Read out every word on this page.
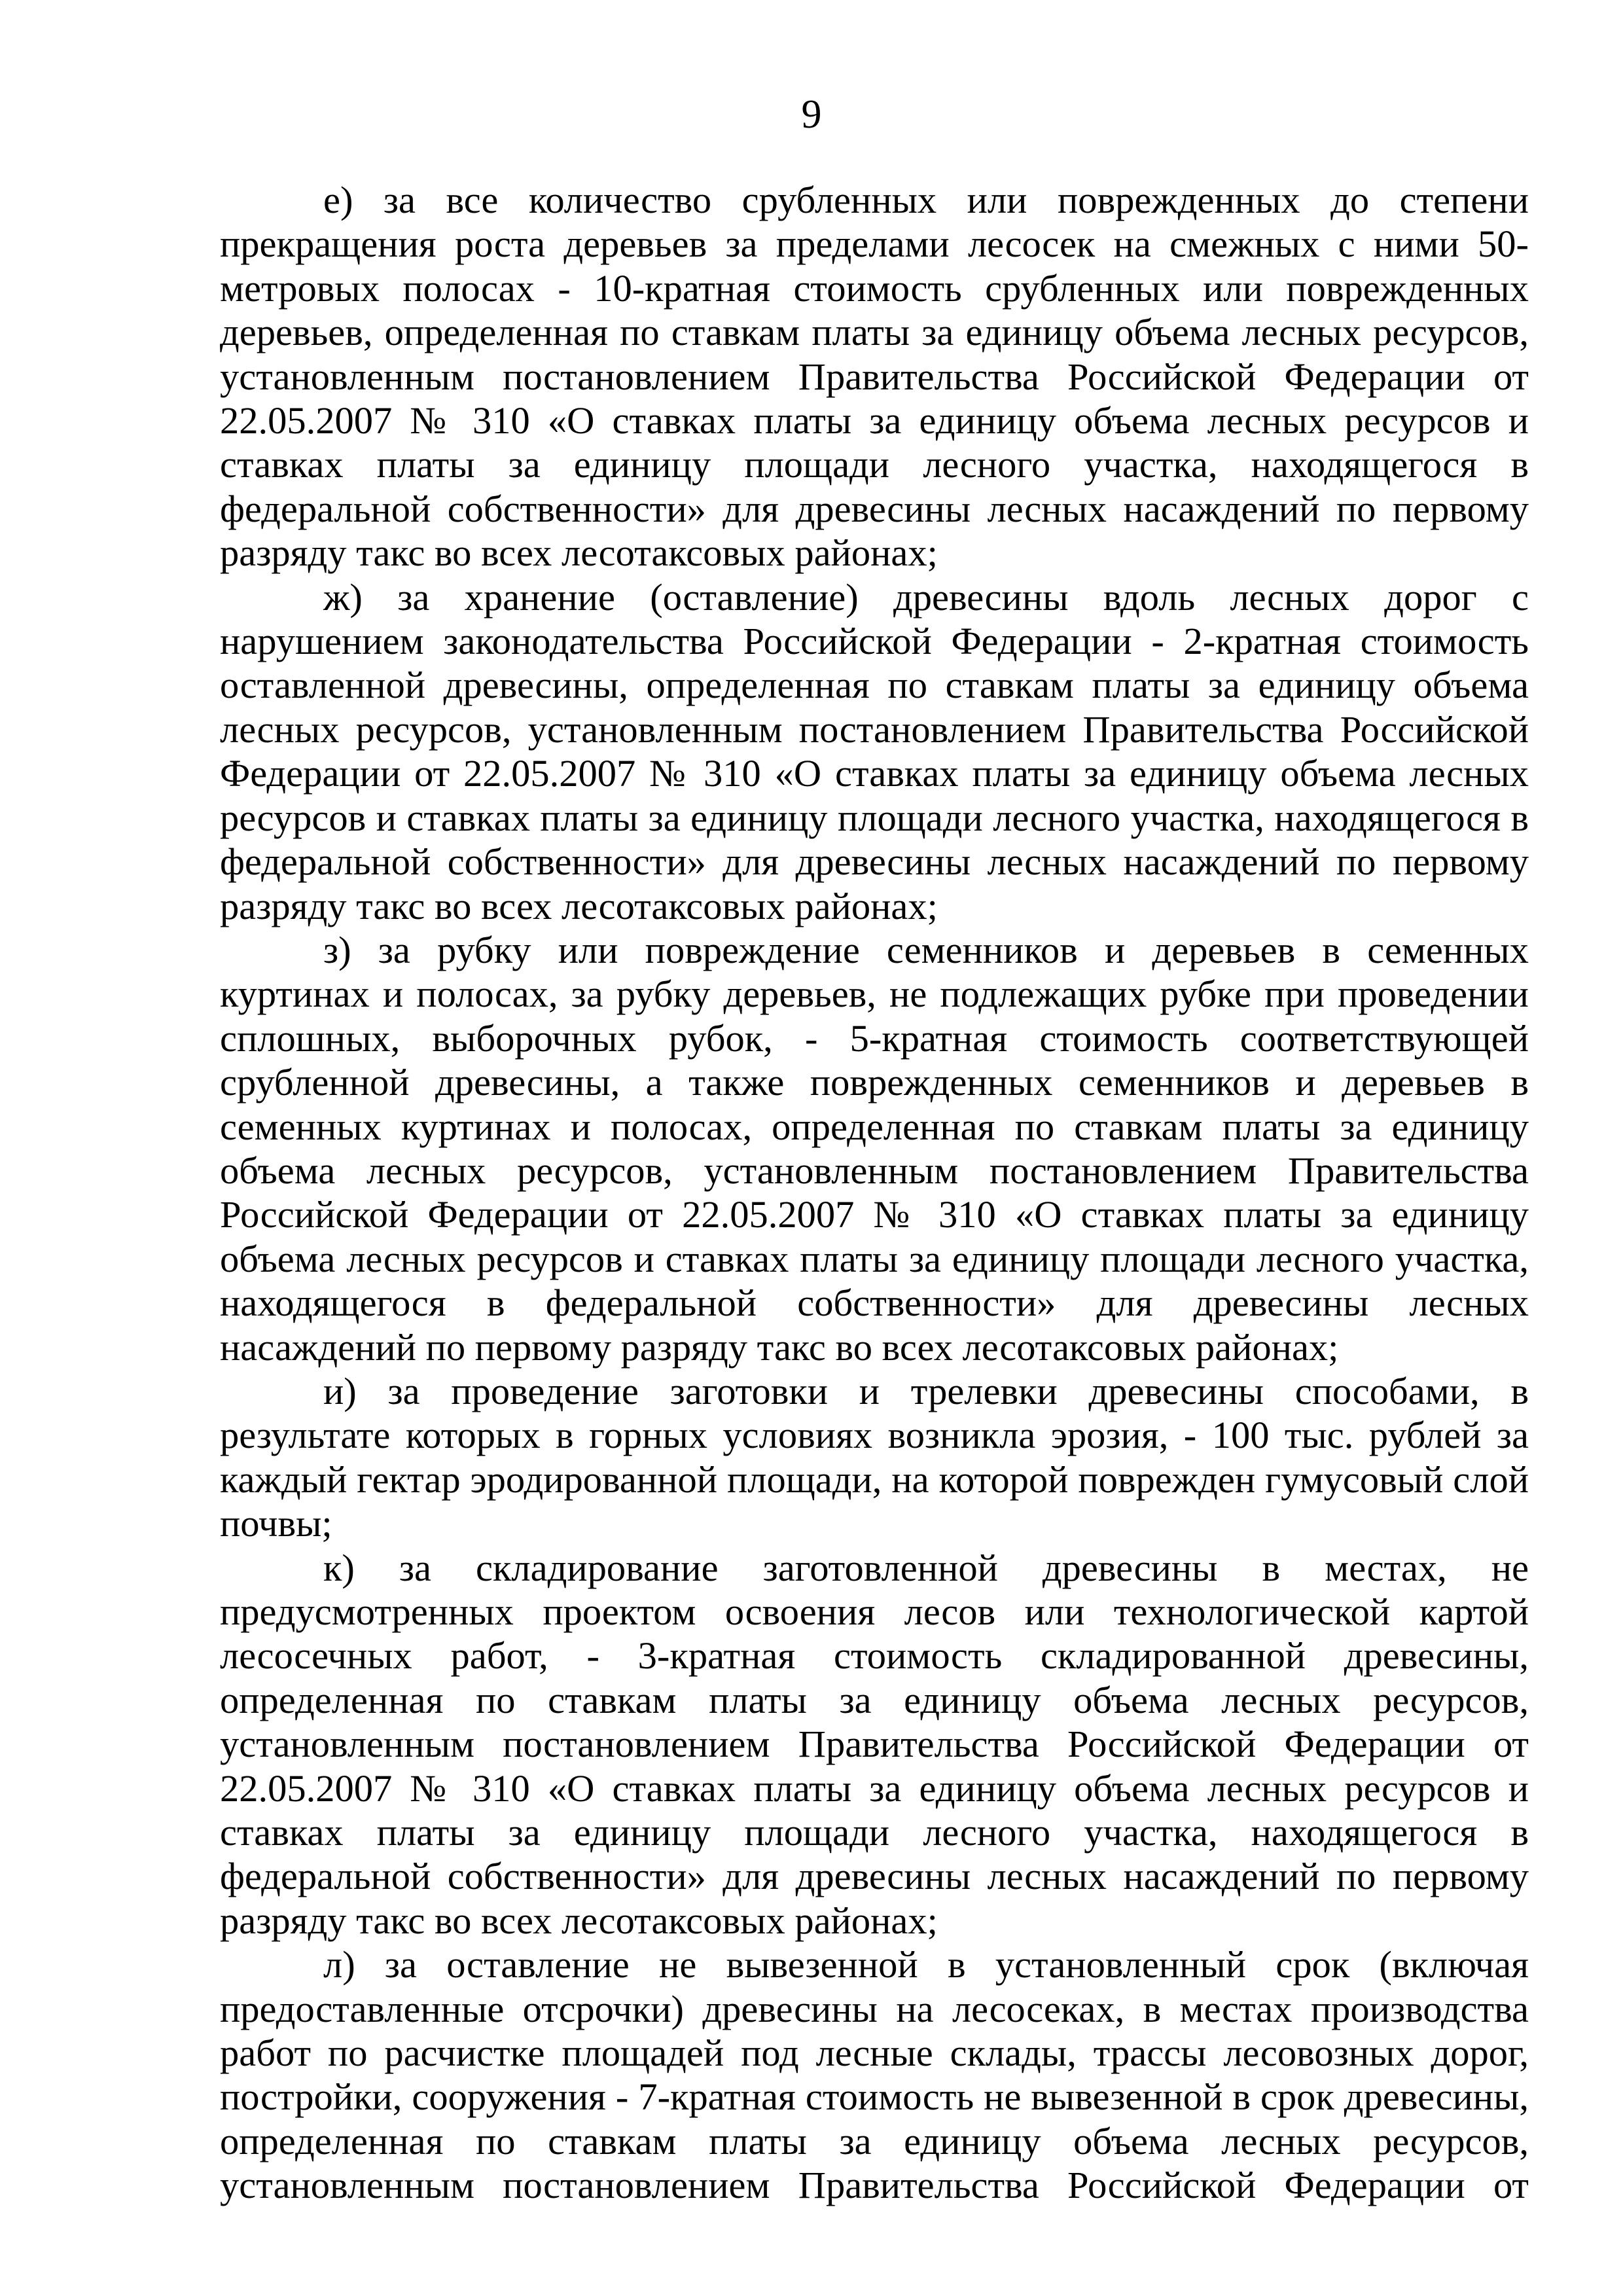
9

е) за все количество срубленных или поврежденных до степени прекращения роста деревьев за пределами лесосек на смежных с ними 50-метровых полосах - 10-кратная стоимость срубленных или поврежденных деревьев, определенная по ставкам платы за единицу объема лесных ресурсов, установленным постановлением Правительства Российской Федерации от 22.05.2007 № 310 «О ставках платы за единицу объема лесных ресурсов и ставках платы за единицу площади лесного участка, находящегося в федеральной собственности» для древесины лесных насаждений по первому разряду такс во всех лесотаксовых районах;

ж) за хранение (оставление) древесины вдоль лесных дорог с нарушением законодательства Российской Федерации - 2-кратная стоимость оставленной древесины, определенная по ставкам платы за единицу объема лесных ресурсов, установленным постановлением Правительства Российской Федерации от 22.05.2007 № 310 «О ставках платы за единицу объема лесных ресурсов и ставках платы за единицу площади лесного участка, находящегося в федеральной собственности» для древесины лесных насаждений по первому разряду такс во всех лесотаксовых районах;

з) за рубку или повреждение семенников и деревьев в семенных куртинах и полосах, за рубку деревьев, не подлежащих рубке при проведении сплошных, выборочных рубок, - 5-кратная стоимость соответствующей срубленной древесины, а также поврежденных семенников и деревьев в семенных куртинах и полосах, определенная по ставкам платы за единицу объема лесных ресурсов, установленным постановлением Правительства Российской Федерации от 22.05.2007 № 310 «О ставках платы за единицу объема лесных ресурсов и ставках платы за единицу площади лесного участка, находящегося в федеральной собственности» для древесины лесных насаждений по первому разряду такс во всех лесотаксовых районах;

и) за проведение заготовки и трелевки древесины способами, в результате которых в горных условиях возникла эрозия, - 100 тыс. рублей за каждый гектар эродированной площади, на которой поврежден гумусовый слой почвы;

к) за складирование заготовленной древесины в местах, не предусмотренных проектом освоения лесов или технологической картой лесосечных работ, - 3-кратная стоимость складированной древесины, определенная по ставкам платы за единицу объема лесных ресурсов, установленным постановлением Правительства Российской Федерации от 22.05.2007 № 310 «О ставках платы за единицу объема лесных ресурсов и ставках платы за единицу площади лесного участка, находящегося в федеральной собственности» для древесины лесных насаждений по первому разряду такс во всех лесотаксовых районах;

л) за оставление не вывезенной в установленный срок (включая предоставленные отсрочки) древесины на лесосеках, в местах производства работ по расчистке площадей под лесные склады, трассы лесовозных дорог, постройки, сооружения - 7-кратная стоимость не вывезенной в срок древесины, определенная по ставкам платы за единицу объема лесных ресурсов, установленным постановлением Правительства Российской Федерации от
